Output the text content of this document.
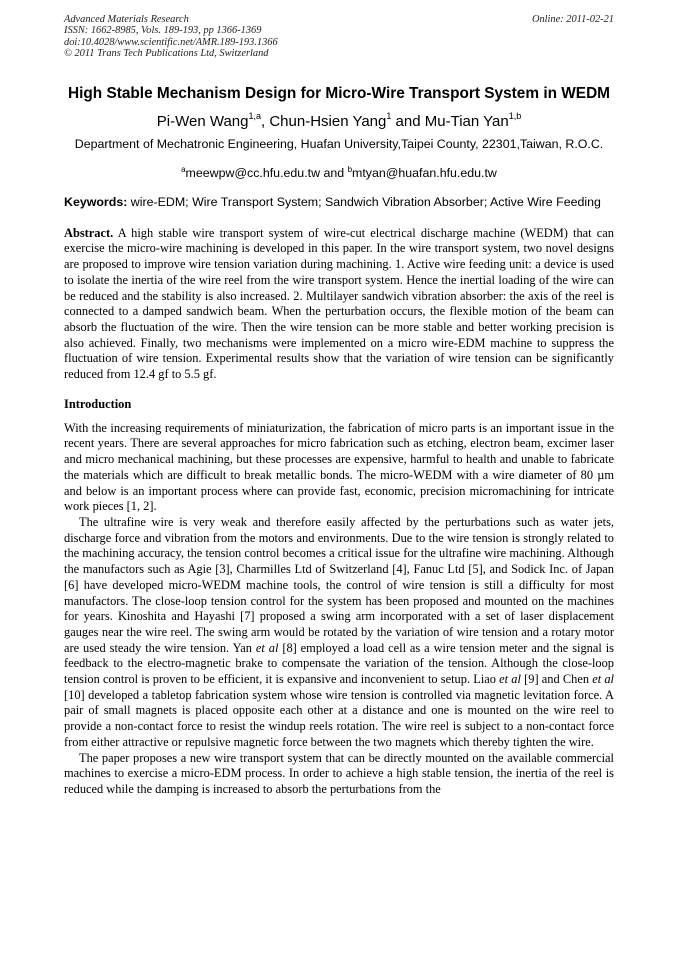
Advanced Materials Research
ISSN: 1662-8985, Vols. 189-193, pp 1366-1369
doi:10.4028/www.scientific.net/AMR.189-193.1366
© 2011 Trans Tech Publications Ltd, Switzerland
Online: 2011-02-21
High Stable Mechanism Design for Micro-Wire Transport System in WEDM
Pi-Wen Wang$^{1,a}$, Chun-Hsien Yang$^1$ and Mu-Tian Yan$^{1,b}$
Department of Mechatronic Engineering, Huafan University,Taipei County, 22301,Taiwan, R.O.C.
$^a$meewpw@cc.hfu.edu.tw and $^b$mtyan@huafan.hfu.edu.tw
Keywords: wire-EDM; Wire Transport System; Sandwich Vibration Absorber; Active Wire Feeding
Abstract. A high stable wire transport system of wire-cut electrical discharge machine (WEDM) that can exercise the micro-wire machining is developed in this paper. In the wire transport system, two novel designs are proposed to improve wire tension variation during machining. 1. Active wire feeding unit: a device is used to isolate the inertia of the wire reel from the wire transport system. Hence the inertial loading of the wire can be reduced and the stability is also increased. 2. Multilayer sandwich vibration absorber: the axis of the reel is connected to a damped sandwich beam. When the perturbation occurs, the flexible motion of the beam can absorb the fluctuation of the wire. Then the wire tension can be more stable and better working precision is also achieved. Finally, two mechanisms were implemented on a micro wire-EDM machine to suppress the fluctuation of wire tension. Experimental results show that the variation of wire tension can be significantly reduced from 12.4 gf to 5.5 gf.
Introduction

With the increasing requirements of miniaturization, the fabrication of micro parts is an important issue in the recent years. There are several approaches for micro fabrication such as etching, electron beam, excimer laser and micro mechanical machining, but these processes are expensive, harmful to health and unable to fabricate the materials which are difficult to break metallic bonds. The micro-WEDM with a wire diameter of 80 µm and below is an important process where can provide fast, economic, precision micromachining for intricate work pieces [1, 2].

The ultrafine wire is very weak and therefore easily affected by the perturbations such as water jets, discharge force and vibration from the motors and environments. Due to the wire tension is strongly related to the machining accuracy, the tension control becomes a critical issue for the ultrafine wire machining. Although the manufactors such as Agie [3], Charmilles Ltd of Switzerland [4], Fanuc Ltd [5], and Sodick Inc. of Japan [6] have developed micro-WEDM machine tools, the control of wire tension is still a difficulty for most manufactors. The close-loop tension control for the system has been proposed and mounted on the machines for years. Kinoshita and Hayashi [7] proposed a swing arm incorporated with a set of laser displacement gauges near the wire reel. The swing arm would be rotated by the variation of wire tension and a rotary motor are used steady the wire tension. Yan et al [8] employed a load cell as a wire tension meter and the signal is feedback to the electro-magnetic brake to compensate the variation of the tension. Although the close-loop tension control is proven to be efficient, it is expansive and inconvenient to setup. Liao et al [9] and Chen et al [10] developed a tabletop fabrication system whose wire tension is controlled via magnetic levitation force. A pair of small magnets is placed opposite each other at a distance and one is mounted on the wire reel to provide a non-contact force to resist the windup reels rotation. The wire reel is subject to a non-contact force from either attractive or repulsive magnetic force between the two magnets which thereby tighten the wire.

The paper proposes a new wire transport system that can be directly mounted on the available commercial machines to exercise a micro-EDM process. In order to achieve a high stable tension, the inertia of the reel is reduced while the damping is increased to absorb the perturbations from the
